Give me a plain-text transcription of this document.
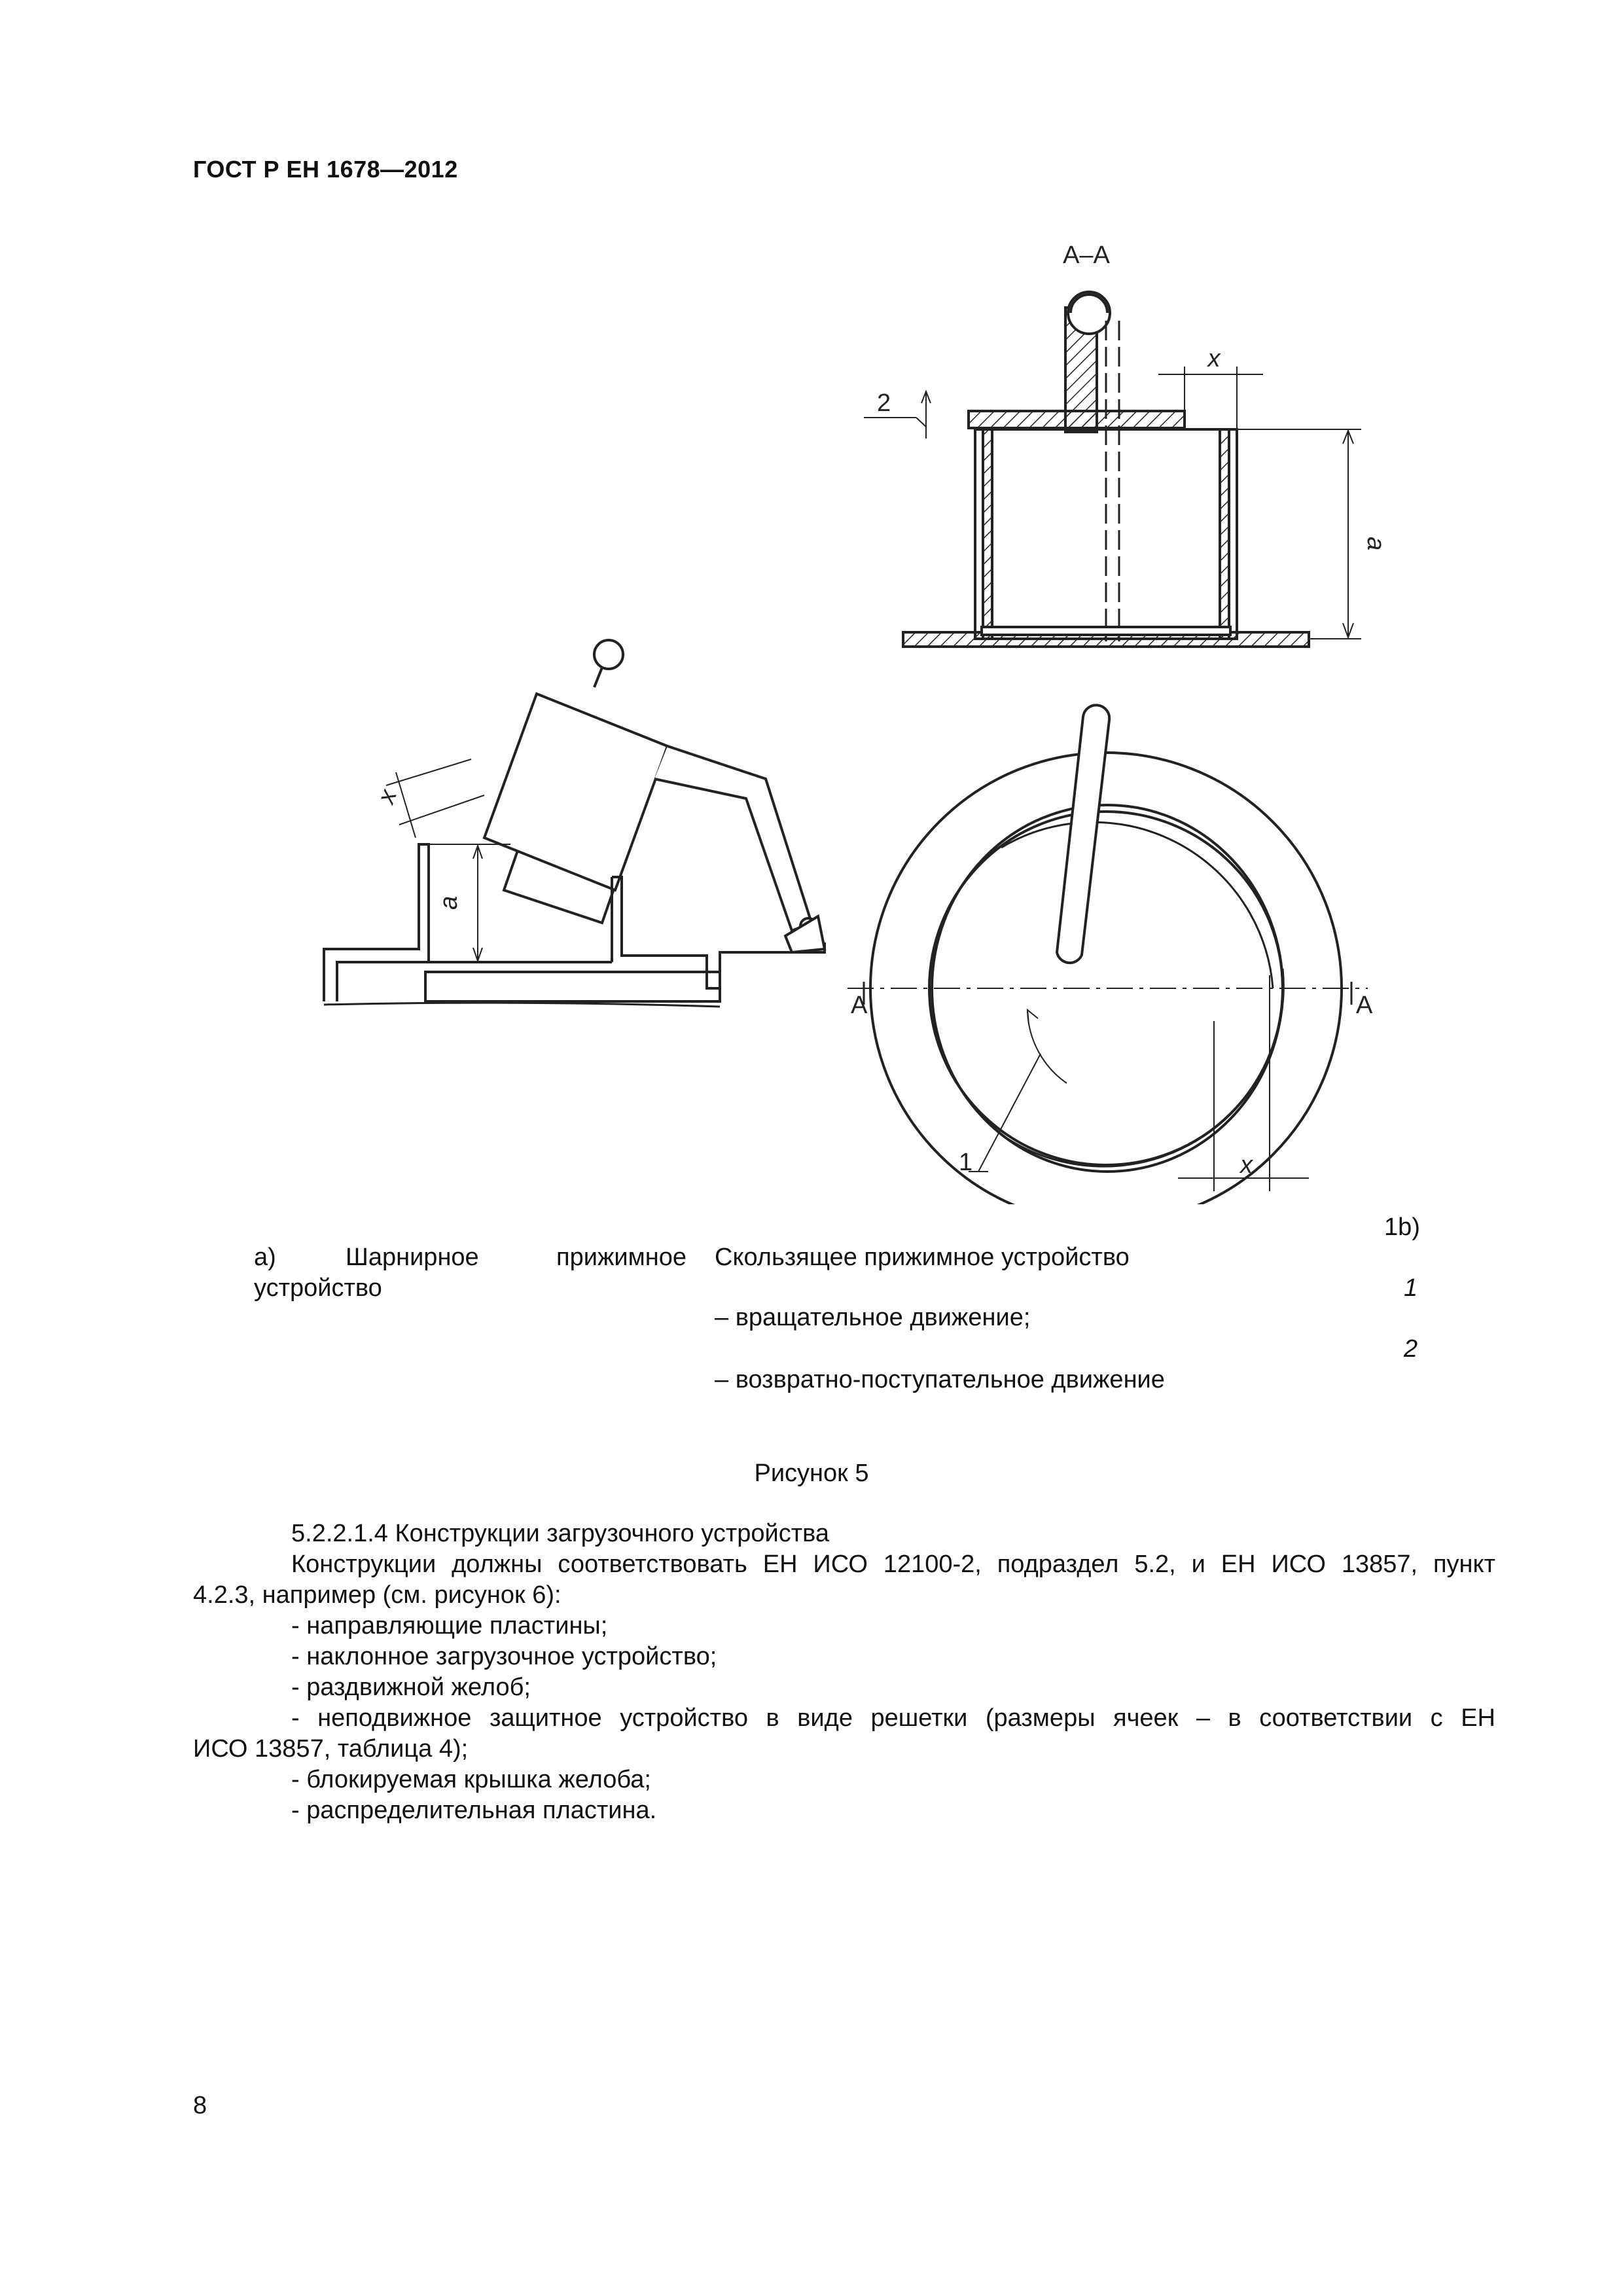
ГОСТ Р ЕН 1678—2012
A–A
x
a
2
A	A
1	x
a
x
1b)
а)	Шарнирное	прижимное
устройство
Скользящее прижимное устройство
1
– вращательное движение;
2
– возвратно-поступательное движение
Рисунок 5
5.2.2.1.4 Конструкции загрузочного устройства
Конструкции должны соответствовать ЕН ИСО 12100-2, подраздел 5.2, и ЕН ИСО 13857, пункт
4.2.3, например (см. рисунок 6):
- направляющие пластины;
- наклонное загрузочное устройство;
- раздвижной желоб;
- неподвижное защитное устройство в виде решетки (размеры ячеек – в соответствии с ЕН
ИСО 13857, таблица 4);
- блокируемая крышка желоба;
- распределительная пластина.
8
